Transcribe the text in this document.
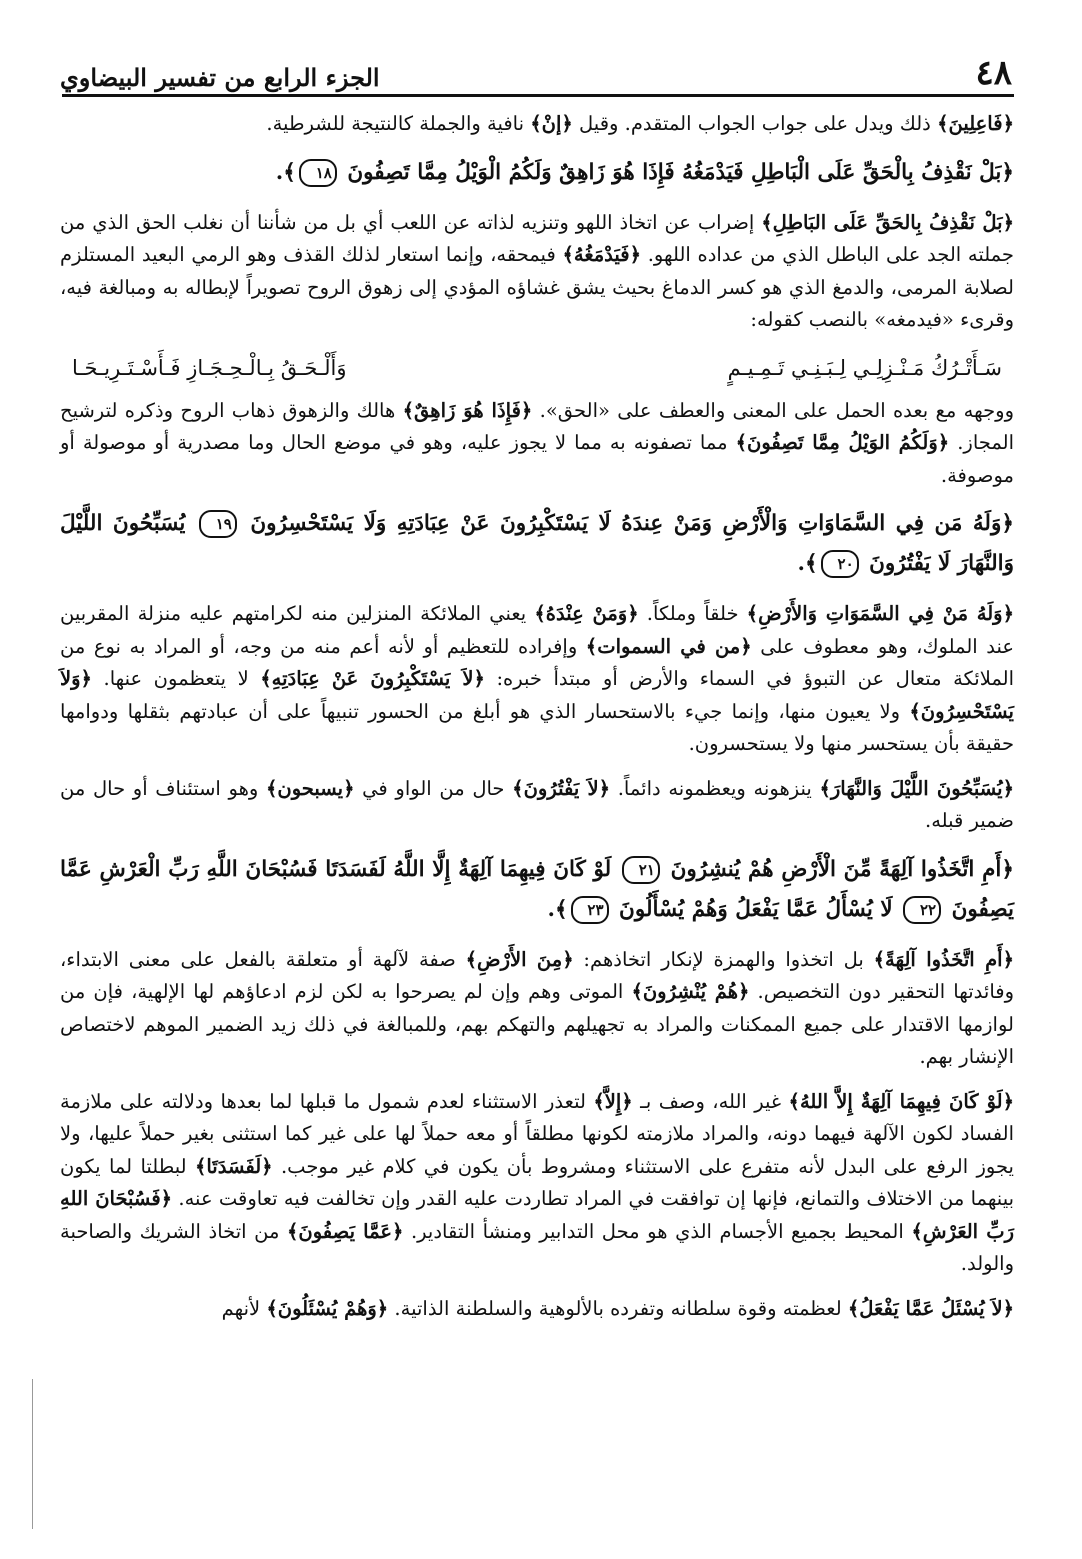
٤٨
الجزء الرابع من تفسير البيضاوي

﴿فَاعِلِينَ﴾ ذلك ويدل على جواب الجواب المتقدم. وقيل ﴿إنْ﴾ نافية والجملة كالنتيجة للشرطية.

﴿بَلْ نَقْذِفُ بِالْحَقِّ عَلَى الْبَاطِلِ فَيَدْمَغُهُ فَإِذَا هُوَ زَاهِقٌ وَلَكُمُ الْوَيْلُ مِمَّا تَصِفُونَ ١٨﴾.

﴿بَلْ نَقْذِفُ بِالحَقِّ عَلَى البَاطِلِ﴾ إضراب عن اتخاذ اللهو وتنزيه لذاته عن اللعب أي بل من شأننا أن نغلب الحق الذي من جملته الجد على الباطل الذي من عداده اللهو. ﴿فَيَدْمَغُهُ﴾ فيمحقه، وإنما استعار لذلك القذف وهو الرمي البعيد المستلزم لصلابة المرمى، والدمغ الذي هو كسر الدماغ بحيث يشق غشاؤه المؤدي إلى زهوق الروح تصويراً لإبطاله به ومبالغة فيه، وقرىء «فيدمغه» بالنصب كقوله:

سَـأَتْـرُكُ مَـنْـزِلِـي لِـبَـنِـي تَـمِـيـمٍ
وَأَلْـحَـقُ بِـالْـحِـجَـازِ فَـأَسْـتَـرِيـحَـا

ووجهه مع بعده الحمل على المعنى والعطف على «الحق». ﴿فَإِذَا هُوَ زَاهِقٌ﴾ هالك والزهوق ذهاب الروح وذكره لترشيح المجاز. ﴿وَلَكُمُ الوَيْلُ مِمَّا تَصِفُونَ﴾ مما تصفونه به مما لا يجوز عليه، وهو في موضع الحال وما مصدرية أو موصولة أو موصوفة.

﴿وَلَهُ مَن فِي السَّمَاوَاتِ وَالْأَرْضِ وَمَنْ عِندَهُ لَا يَسْتَكْبِرُونَ عَنْ عِبَادَتِهِ وَلَا يَسْتَحْسِرُونَ ١٩ يُسَبِّحُونَ اللَّيْلَ وَالنَّهَارَ لَا يَفْتُرُونَ ٢٠﴾.

﴿وَلَهُ مَنْ فِي السَّمَوَاتِ وَالأَرْضِ﴾ خلقاً وملكاً. ﴿وَمَنْ عِنْدَهُ﴾ يعني الملائكة المنزلين منه لكرامتهم عليه منزلة المقربين عند الملوك، وهو معطوف على ﴿من في السموات﴾ وإفراده للتعظيم أو لأنه أعم منه من وجه، أو المراد به نوع من الملائكة متعال عن التبوؤ في السماء والأرض أو مبتدأ خبره: ﴿لاَ يَسْتَكْبِرُونَ عَنْ عِبَادَتِهِ﴾ لا يتعظمون عنها. ﴿وَلاَ يَسْتَحْسِرُونَ﴾ ولا يعيون منها، وإنما جيء بالاستحسار الذي هو أبلغ من الحسور تنبيهاً على أن عبادتهم بثقلها ودوامها حقيقة بأن يستحسر منها ولا يستحسرون.

﴿يُسَبِّحُونَ اللَّيْلَ وَالنَّهَارَ﴾ ينزهونه ويعظمونه دائماً. ﴿لاَ يَفْتُرُونَ﴾ حال من الواو في ﴿يسبحون﴾ وهو استئناف أو حال من ضمير قبله.

﴿أَمِ اتَّخَذُوا آلِهَةً مِّنَ الْأَرْضِ هُمْ يُنشِرُونَ ٢١ لَوْ كَانَ فِيهِمَا آلِهَةٌ إِلَّا اللَّهُ لَفَسَدَتَا فَسُبْحَانَ اللَّهِ رَبِّ الْعَرْشِ عَمَّا يَصِفُونَ ٢٢ لَا يُسْأَلُ عَمَّا يَفْعَلُ وَهُمْ يُسْأَلُونَ ٢٣﴾.

﴿أَمِ اتَّخَذُوا آلِهَةً﴾ بل اتخذوا والهمزة لإنكار اتخاذهم: ﴿مِنَ الأَرْضِ﴾ صفة لآلهة أو متعلقة بالفعل على معنى الابتداء، وفائدتها التحقير دون التخصيص. ﴿هُمْ يُنْشِرُونَ﴾ الموتى وهم وإن لم يصرحوا به لكن لزم ادعاؤهم لها الإلهية، فإن من لوازمها الاقتدار على جميع الممكنات والمراد به تجهيلهم والتهكم بهم، وللمبالغة في ذلك زيد الضمير الموهم لاختصاص الإنشار بهم.

﴿لَوْ كَانَ فِيهِمَا آلِهَةٌ إِلاَّ اللهُ﴾ غير الله، وصف بـ ﴿إِلاَّ﴾ لتعذر الاستثناء لعدم شمول ما قبلها لما بعدها ودلالته على ملازمة الفساد لكون الآلهة فيهما دونه، والمراد ملازمته لكونها مطلقاً أو معه حملاً لها على غير كما استثنى بغير حملاً عليها، ولا يجوز الرفع على البدل لأنه متفرع على الاستثناء ومشروط بأن يكون في كلام غير موجب. ﴿لَفَسَدَتَا﴾ لبطلتا لما يكون بينهما من الاختلاف والتمانع، فإنها إن توافقت في المراد تطاردت عليه القدر وإن تخالفت فيه تعاوقت عنه. ﴿فَسُبْحَانَ اللهِ رَبِّ العَرْشِ﴾ المحيط بجميع الأجسام الذي هو محل التدابير ومنشأ التقادير. ﴿عَمَّا يَصِفُونَ﴾ من اتخاذ الشريك والصاحبة والولد.

﴿لاَ يُسْئَلُ عَمَّا يَفْعَلُ﴾ لعظمته وقوة سلطانه وتفرده بالألوهية والسلطنة الذاتية. ﴿وَهُمْ يُسْئَلُونَ﴾ لأنهم
